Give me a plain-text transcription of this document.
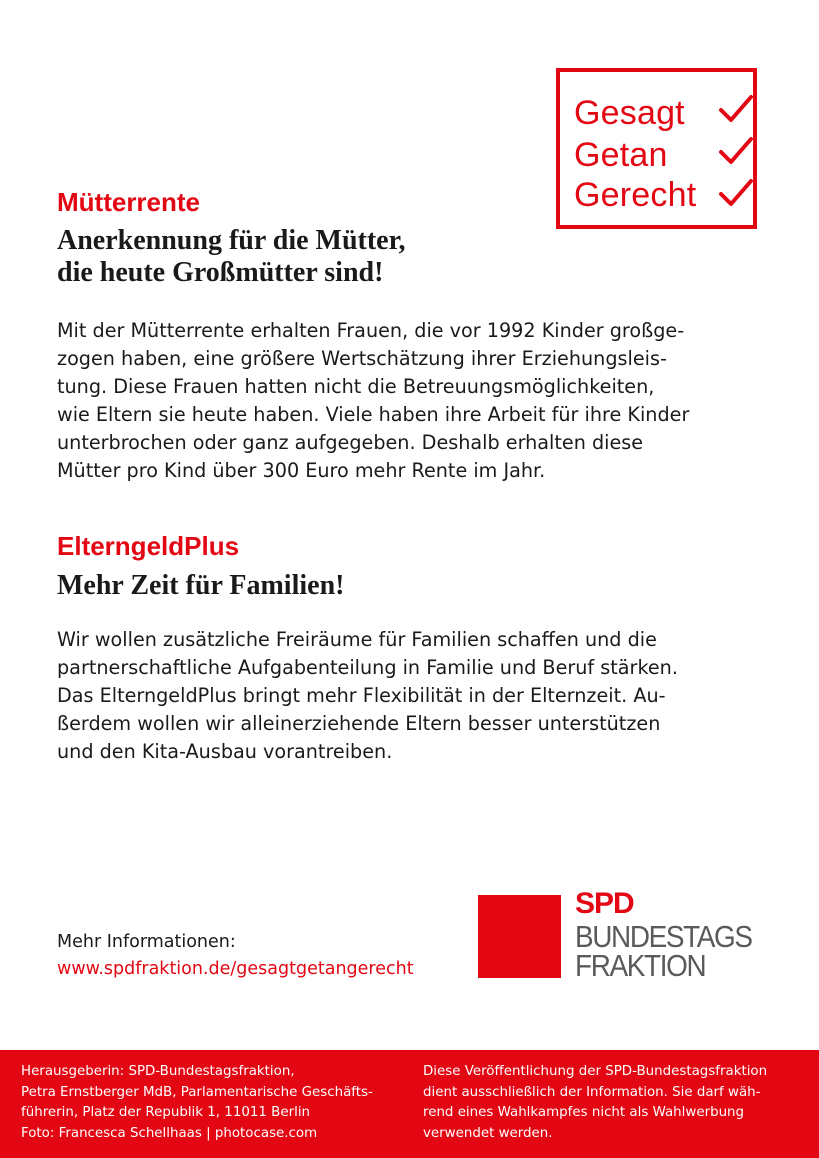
Gesagt
Getan
Gerecht
Mütterrente
Anerkennung für die Mütter,
die heute Großmütter sind!

Mit der Mütterrente erhalten Frauen, die vor 1992 Kinder großge-
zogen haben, eine größere Wertschätzung ihrer Erziehungsleis-
tung. Diese Frauen hatten nicht die Betreuungsmöglichkeiten,
wie Eltern sie heute haben. Viele haben ihre Arbeit für ihre Kinder
unterbrochen oder ganz aufgegeben. Deshalb erhalten diese
Mütter pro Kind über 300 Euro mehr Rente im Jahr.

ElterngeldPlus
Mehr Zeit für Familien!

Wir wollen zusätzliche Freiräume für Familien schaffen und die
partnerschaftliche Aufgabenteilung in Familie und Beruf stärken.
Das ElterngeldPlus bringt mehr Flexibilität in der Elternzeit. Au-
ßerdem wollen wir alleinerziehende Eltern besser unterstützen
und den Kita-Ausbau vorantreiben.

Mehr Informationen:
www.spdfraktion.de/gesagtgetangerecht
SPD
BUNDESTAGS
FRAKTION
Herausgeberin: SPD-Bundestagsfraktion,
Petra Ernstberger MdB, Parlamentarische Geschäfts-
führerin, Platz der Republik 1, 11011 Berlin
Foto: Francesca Schellhaas | photocase.com
Diese Veröffentlichung der SPD-Bundestagsfraktion
dient ausschließlich der Information. Sie darf wäh-
rend eines Wahlkampfes nicht als Wahlwerbung
verwendet werden.
